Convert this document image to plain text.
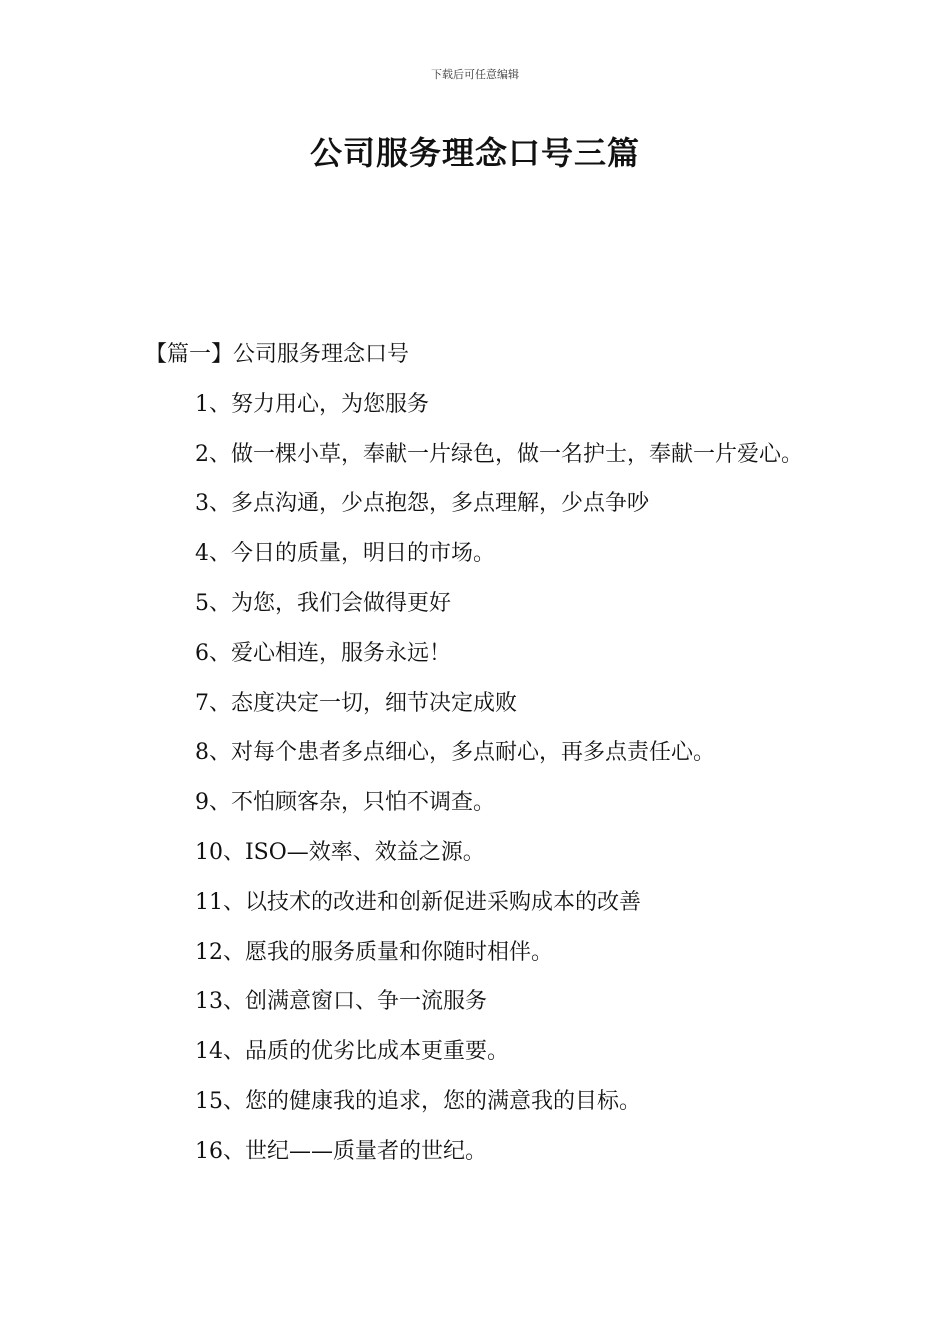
下载后可任意编辑
公司服务理念口号三篇

【篇一】公司服务理念口号

1、努力用心，为您服务

2、做一棵小草，奉献一片绿色，做一名护士，奉献一片爱心。

3、多点沟通，少点抱怨，多点理解，少点争吵

4、今日的质量，明日的市场。

5、为您，我们会做得更好

6、爱心相连，服务永远！

7、态度决定一切，细节决定成败

8、对每个患者多点细心，多点耐心，再多点责任心。

9、不怕顾客杂，只怕不调查。

10、ISO—效率、效益之源。

11、以技术的改进和创新促进采购成本的改善

12、愿我的服务质量和你随时相伴。

13、创满意窗口、争一流服务

14、品质的优劣比成本更重要。

15、您的健康我的追求，您的满意我的目标。

16、世纪——质量者的世纪。
